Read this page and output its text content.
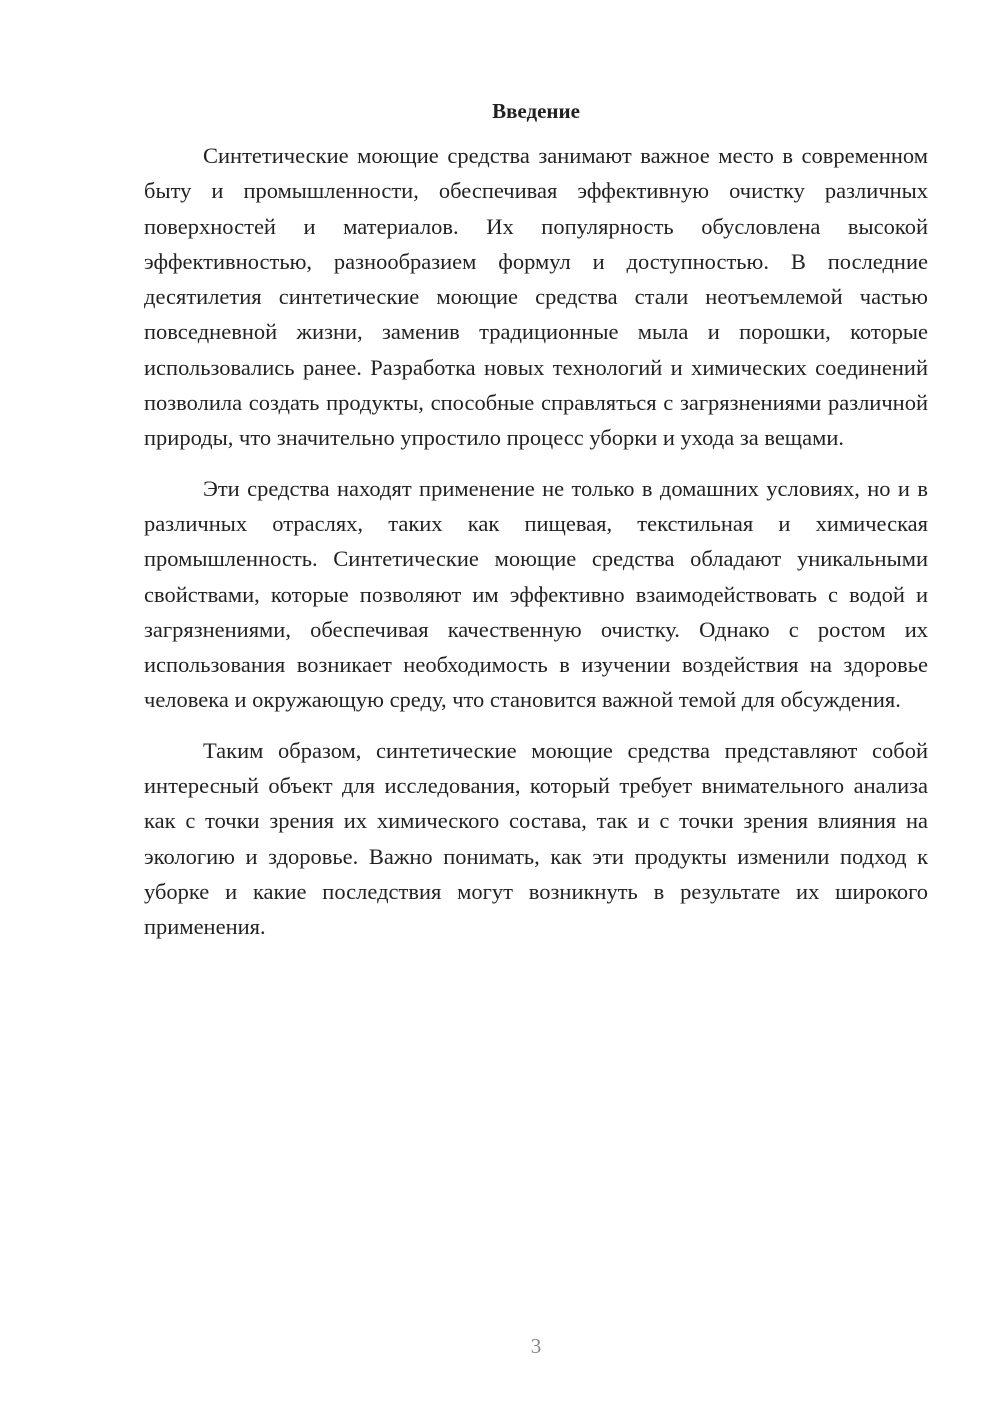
Введение

Синтетические моющие средства занимают важное место в современном быту и промышленности, обеспечивая эффективную очистку различных поверхностей и материалов. Их популярность обусловлена высокой эффективностью, разнообразием формул и доступностью. В последние десятилетия синтетические моющие средства стали неотъемлемой частью повседневной жизни, заменив традиционные мыла и порошки, которые использовались ранее. Разработка новых технологий и химических соединений позволила создать продукты, способные справляться с загрязнениями различной природы, что значительно упростило процесс уборки и ухода за вещами.

Эти средства находят применение не только в домашних условиях, но и в различных отраслях, таких как пищевая, текстильная и химическая промышленность. Синтетические моющие средства обладают уникальными свойствами, которые позволяют им эффективно взаимодействовать с водой и загрязнениями, обеспечивая качественную очистку. Однако с ростом их использования возникает необходимость в изучении воздействия на здоровье человека и окружающую среду, что становится важной темой для обсуждения.

Таким образом, синтетические моющие средства представляют собой интересный объект для исследования, который требует внимательного анализа как с точки зрения их химического состава, так и с точки зрения влияния на экологию и здоровье. Важно понимать, как эти продукты изменили подход к уборке и какие последствия могут возникнуть в результате их широкого применения.

3
